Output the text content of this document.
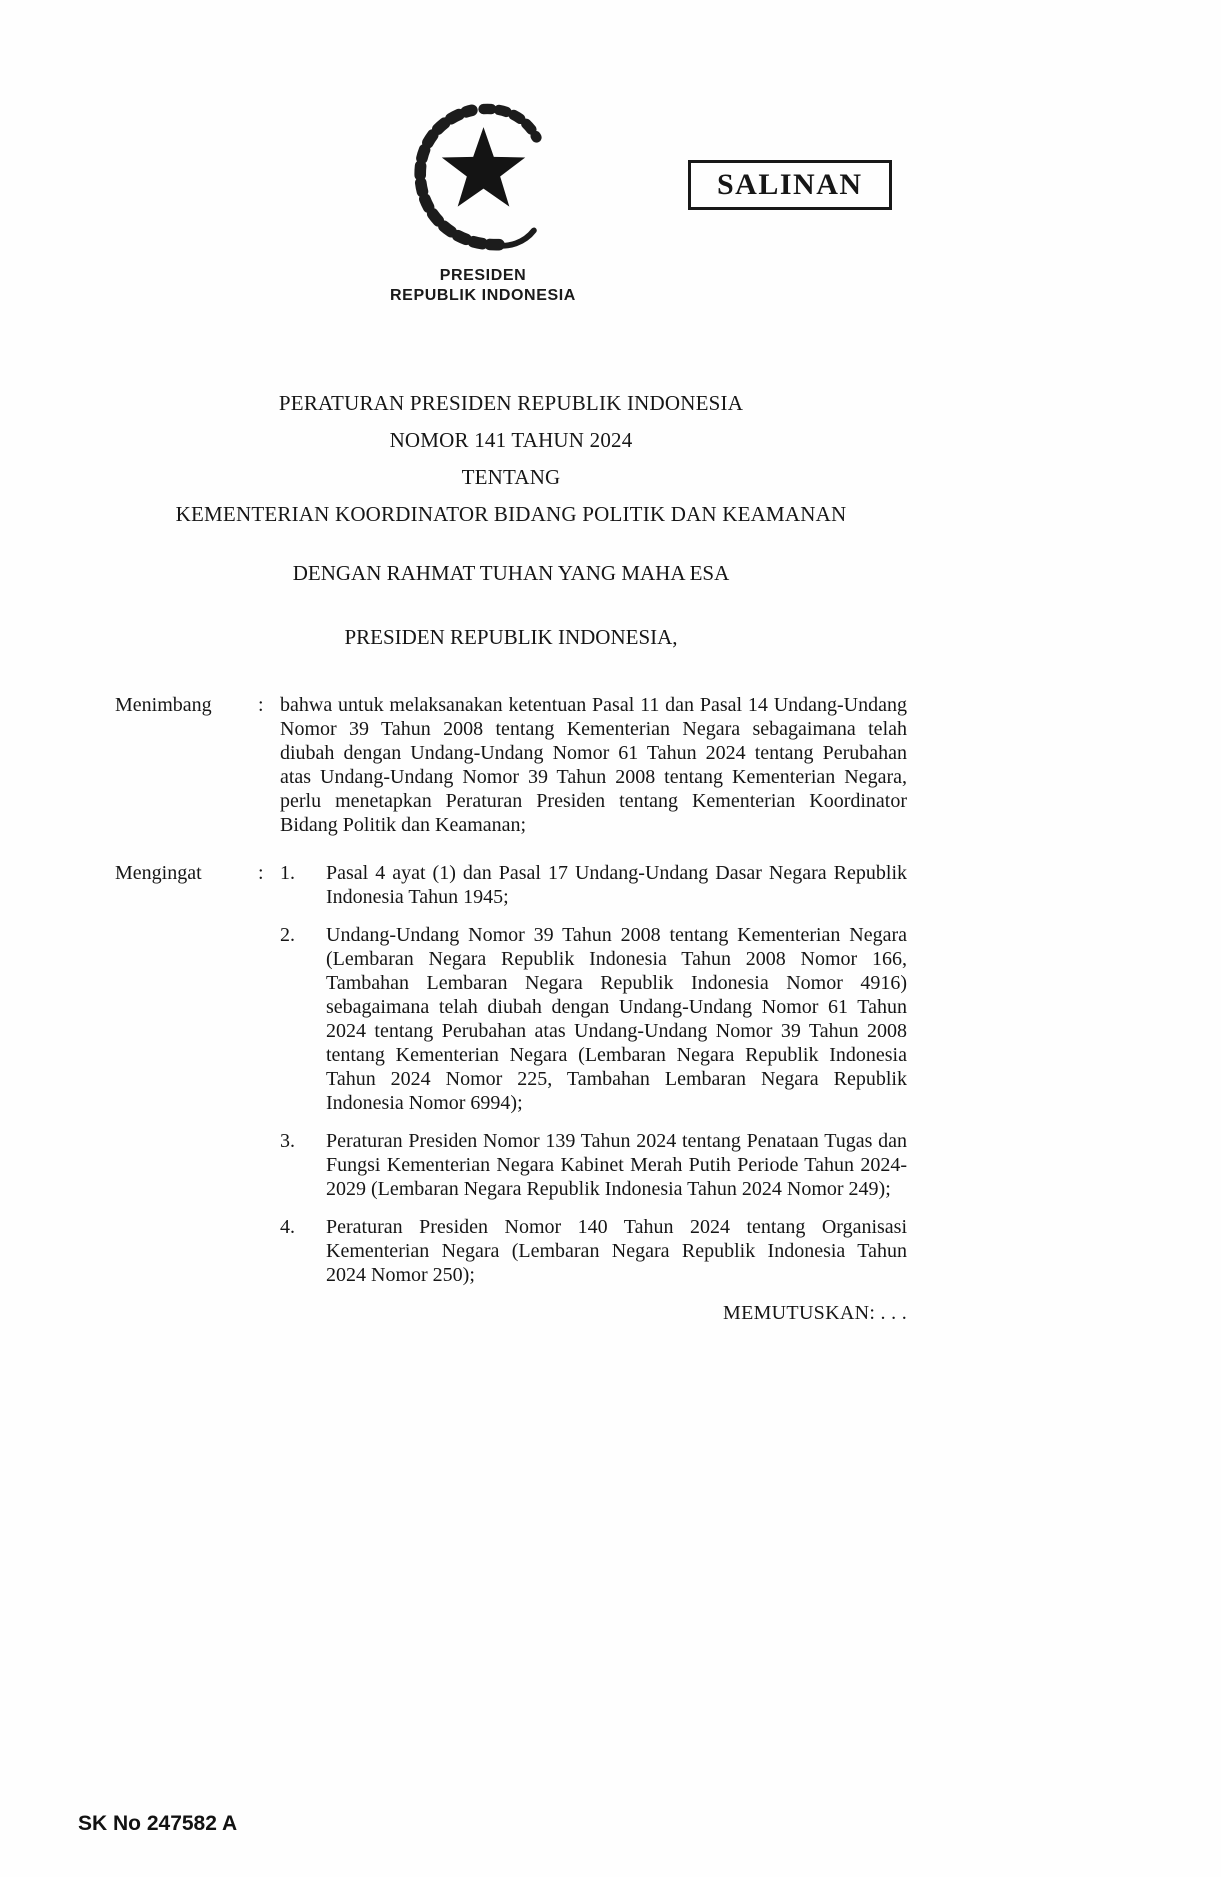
SALINAN
PRESIDEN
REPUBLIK INDONESIA
PERATURAN PRESIDEN REPUBLIK INDONESIA
NOMOR 141 TAHUN 2024
TENTANG
KEMENTERIAN KOORDINATOR BIDANG POLITIK DAN KEAMANAN
DENGAN RAHMAT TUHAN YANG MAHA ESA
PRESIDEN REPUBLIK INDONESIA,
Menimbang	: bahwa untuk melaksanakan ketentuan Pasal 11 dan Pasal 14 Undang-Undang Nomor 39 Tahun 2008 tentang Kementerian Negara sebagaimana telah diubah dengan Undang-Undang Nomor 61 Tahun 2024 tentang Perubahan atas Undang-Undang Nomor 39 Tahun 2008 tentang Kementerian Negara, perlu menetapkan Peraturan Presiden tentang Kementerian Koordinator Bidang Politik dan Keamanan;
Mengingat	: 1.	Pasal 4 ayat (1) dan Pasal 17 Undang-Undang Dasar Negara Republik Indonesia Tahun 1945;
2.	Undang-Undang Nomor 39 Tahun 2008 tentang Kementerian Negara (Lembaran Negara Republik Indonesia Tahun 2008 Nomor 166, Tambahan Lembaran Negara Republik Indonesia Nomor 4916) sebagaimana telah diubah dengan Undang-Undang Nomor 61 Tahun 2024 tentang Perubahan atas Undang-Undang Nomor 39 Tahun 2008 tentang Kementerian Negara (Lembaran Negara Republik Indonesia Tahun 2024 Nomor 225, Tambahan Lembaran Negara Republik Indonesia Nomor 6994);
3.	Peraturan Presiden Nomor 139 Tahun 2024 tentang Penataan Tugas dan Fungsi Kementerian Negara Kabinet Merah Putih Periode Tahun 2024-2029 (Lembaran Negara Republik Indonesia Tahun 2024 Nomor 249);
4.	Peraturan Presiden Nomor 140 Tahun 2024 tentang Organisasi Kementerian Negara (Lembaran Negara Republik Indonesia Tahun 2024 Nomor 250);
MEMUTUSKAN: . . .
SK No 247582 A
